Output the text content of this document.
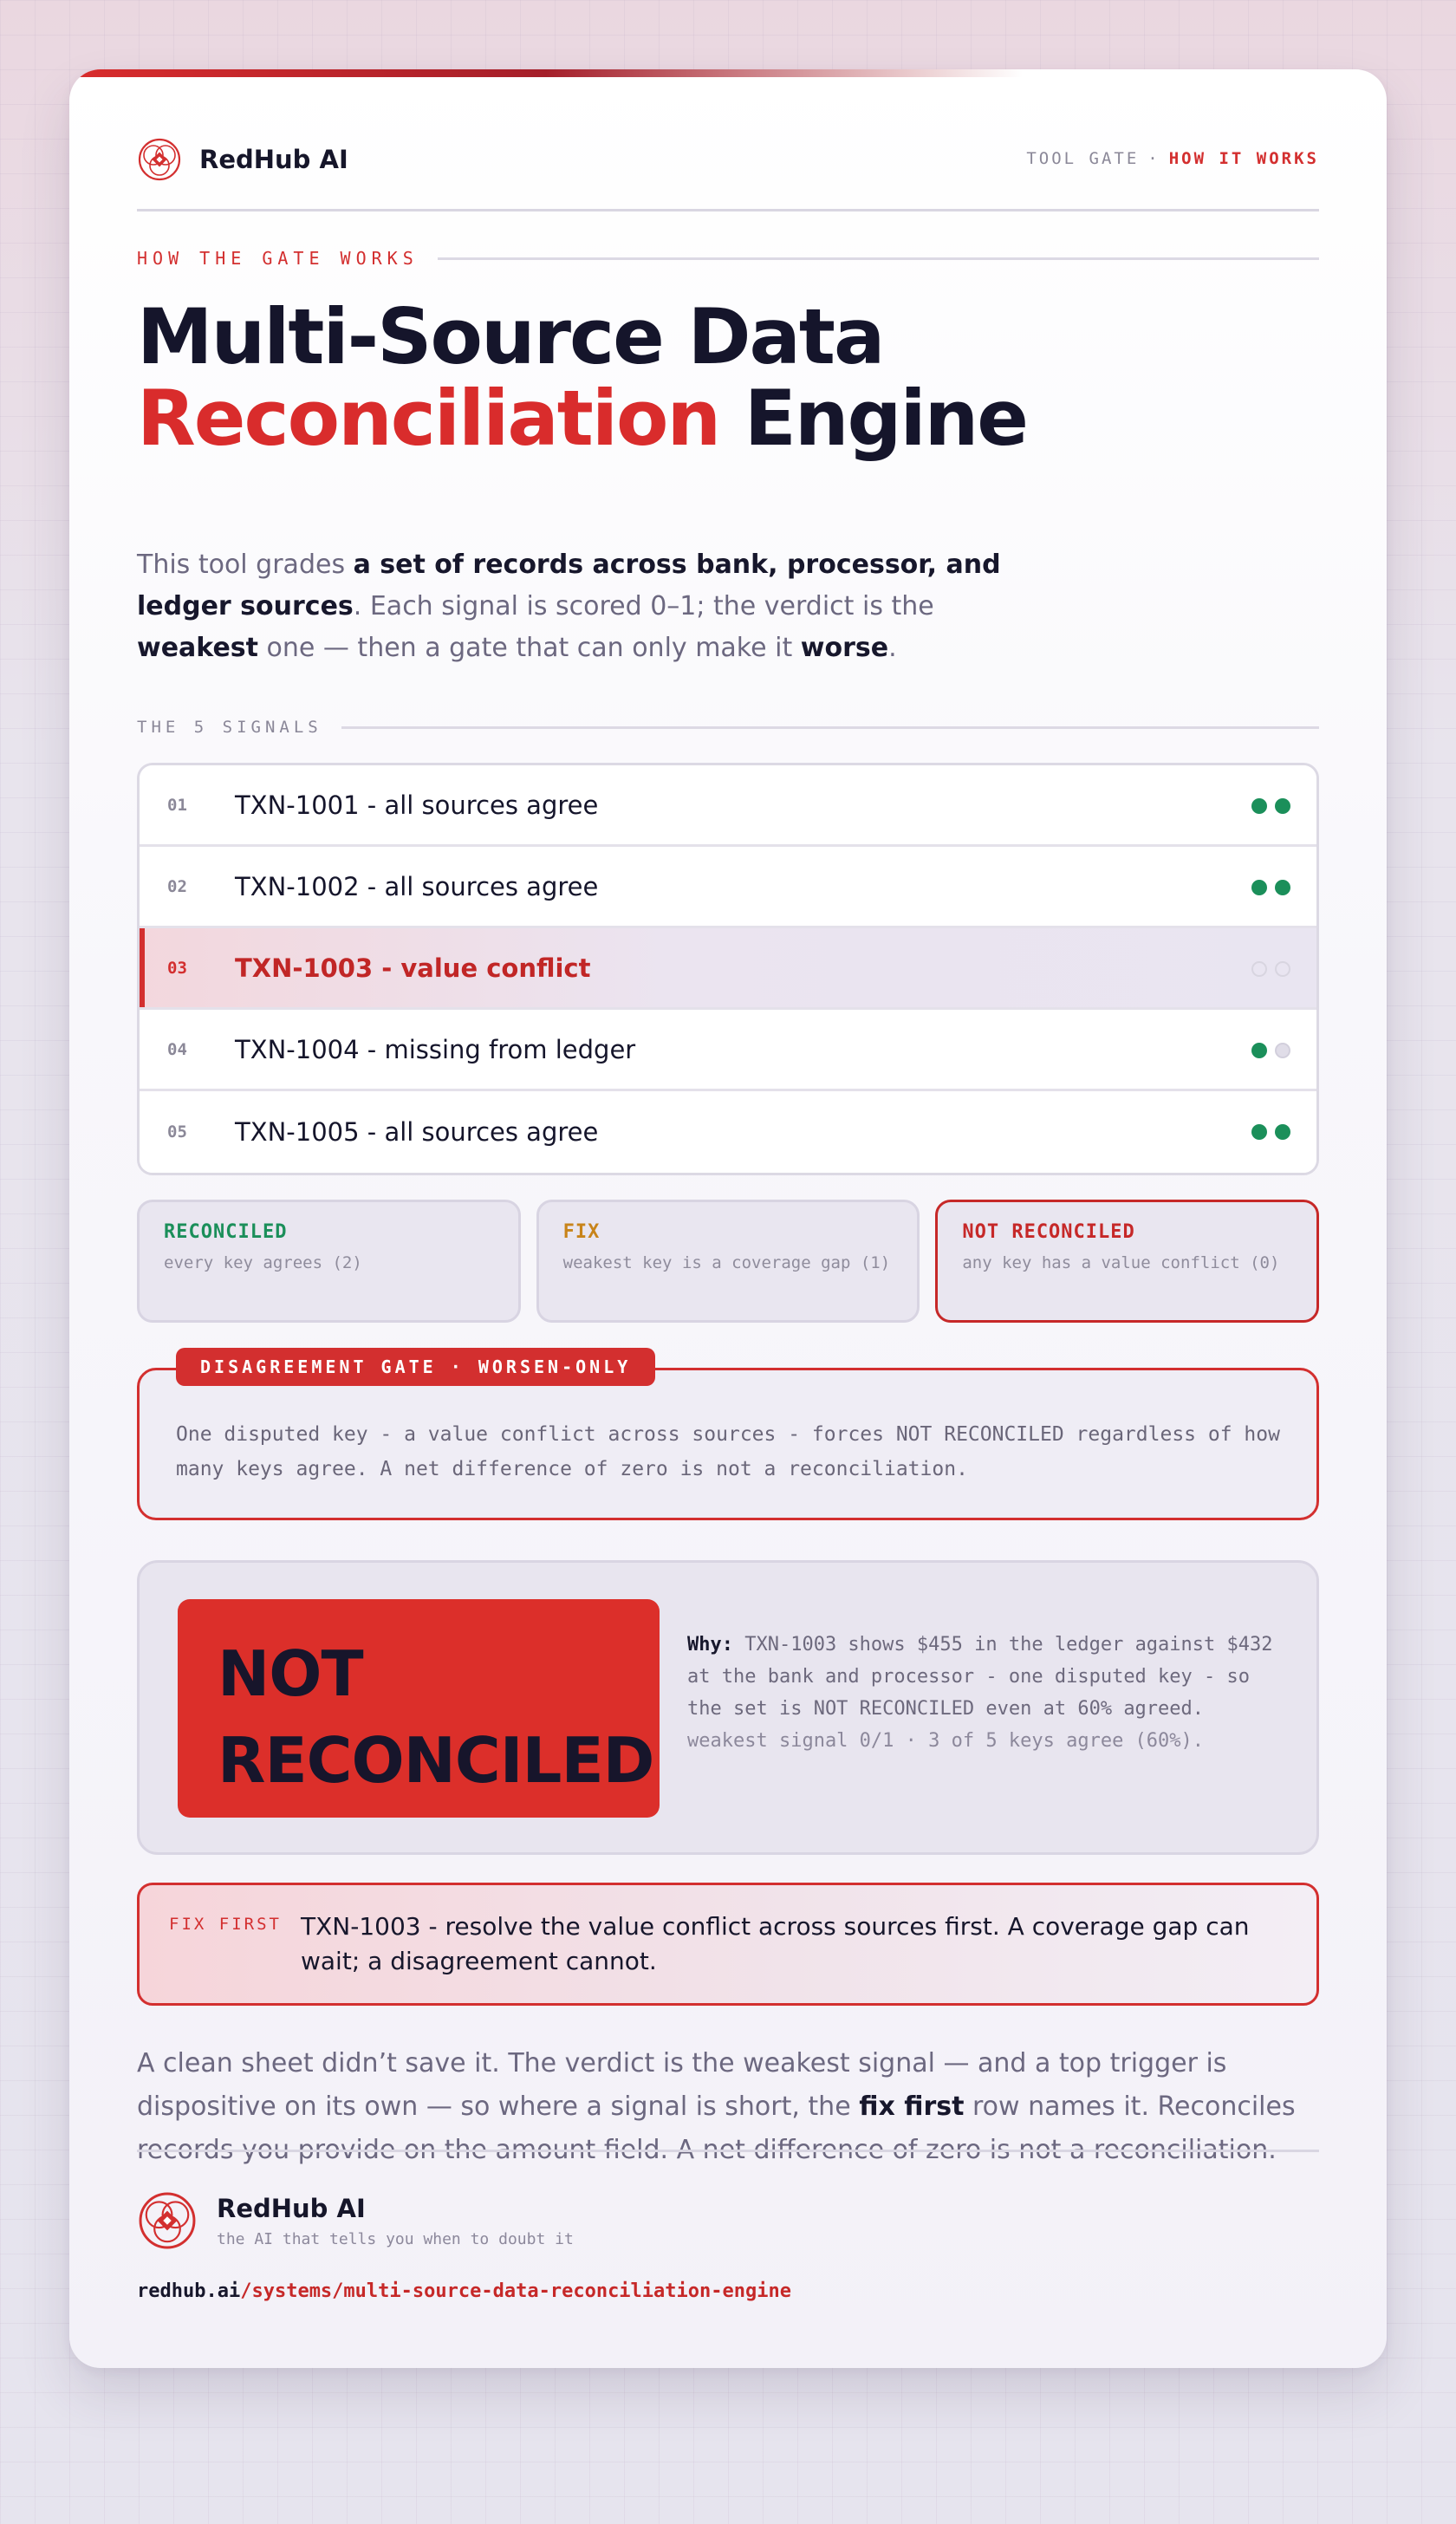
RedHub AI	TOOL GATE · HOW IT WORKS
HOW THE GATE WORKS
Multi-Source Data
Reconciliation Engine

This tool grades a set of records across bank, processor, and ledger sources. Each signal is scored 0–1; the verdict is the weakest one — then a gate that can only make it worse.

THE 5 SIGNALS
01	TXN-1001 - all sources agree
02	TXN-1002 - all sources agree
03	TXN-1003 - value conflict
04	TXN-1004 - missing from ledger
05	TXN-1005 - all sources agree
RECONCILED
every key agrees (2)
FIX
weakest key is a coverage gap (1)
NOT RECONCILED
any key has a value conflict (0)
DISAGREEMENT GATE · WORSEN-ONLY
One disputed key - a value conflict across sources - forces NOT RECONCILED regardless of how many keys agree. A net difference of zero is not a reconciliation.
NOT
RECONCILED

Why: TXN-1003 shows $455 in the ledger against $432 at the bank and processor - one disputed key - so the set is NOT RECONCILED even at 60% agreed. weakest signal 0/1 · 3 of 5 keys agree (60%).

FIX FIRST TXN-1003 - resolve the value conflict across sources first. A coverage gap can wait; a disagreement cannot.

A clean sheet didn’t save it. The verdict is the weakest signal — and a top trigger is dispositive on its own — so where a signal is short, the fix first row names it. Reconciles records you provide on the amount field. A net difference of zero is not a reconciliation.

RedHub AI
the AI that tells you when to doubt it
redhub.ai/systems/multi-source-data-reconciliation-engine
